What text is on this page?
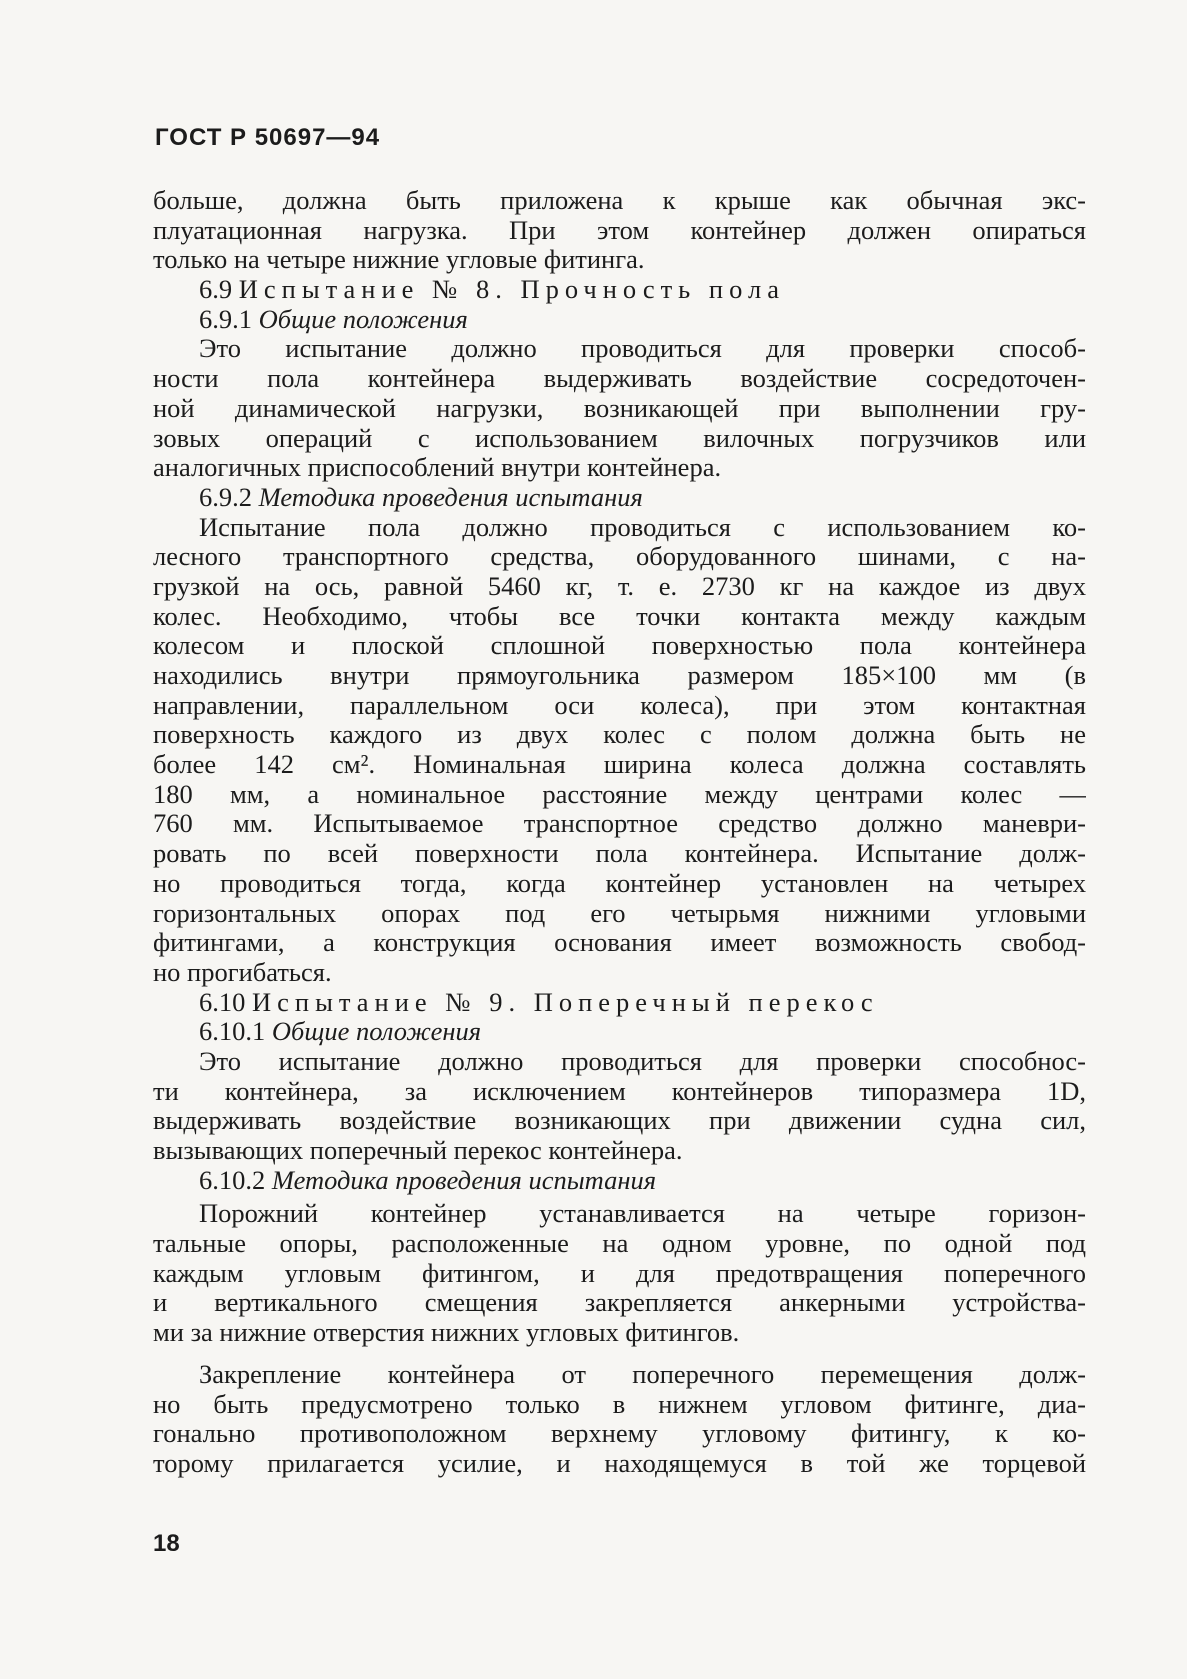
ГОСТ Р 50697—94
больше, должна быть приложена к крыше как обычная экс-
плуатационная нагрузка. При этом контейнер должен опираться
только на четыре нижние угловые фитинга.
6.9 Испытание № 8. Прочность пола
6.9.1 Общие положения
Это испытание должно проводиться для проверки способ-
ности пола контейнера выдерживать воздействие сосредоточен-
ной динамической нагрузки, возникающей при выполнении гру-
зовых операций с использованием вилочных погрузчиков или
аналогичных приспособлений внутри контейнера.
6.9.2 Методика проведения испытания
Испытание пола должно проводиться с использованием ко-
лесного транспортного средства, оборудованного шинами, с на-
грузкой на ось, равной 5460 кг, т. е. 2730 кг на каждое из двух
колес. Необходимо, чтобы все точки контакта между каждым
колесом и плоской сплошной поверхностью пола контейнера
находились внутри прямоугольника размером 185×100 мм (в
направлении, параллельном оси колеса), при этом контактная
поверхность каждого из двух колес с полом должна быть не
более 142 см². Номинальная ширина колеса должна составлять
180 мм, а номинальное расстояние между центрами колес —
760 мм. Испытываемое транспортное средство должно маневри-
ровать по всей поверхности пола контейнера. Испытание долж-
но проводиться тогда, когда контейнер установлен на четырех
горизонтальных опорах под его четырьмя нижними угловыми
фитингами, а конструкция основания имеет возможность свобод-
но прогибаться.
6.10 Испытание № 9. Поперечный перекос
6.10.1 Общие положения
Это испытание должно проводиться для проверки способнос-
ти контейнера, за исключением контейнеров типоразмера 1D,
выдерживать воздействие возникающих при движении судна сил,
вызывающих поперечный перекос контейнера.
6.10.2 Методика проведения испытания
Порожний контейнер устанавливается на четыре горизон-
тальные опоры, расположенные на одном уровне, по одной под
каждым угловым фитингом, и для предотвращения поперечного
и вертикального смещения закрепляется анкерными устройства-
ми за нижние отверстия нижних угловых фитингов.
Закрепление контейнера от поперечного перемещения долж-
но быть предусмотрено только в нижнем угловом фитинге, диа-
гонально противоположном верхнему угловому фитингу, к ко-
торому прилагается усилие, и находящемуся в той же торцевой
18
